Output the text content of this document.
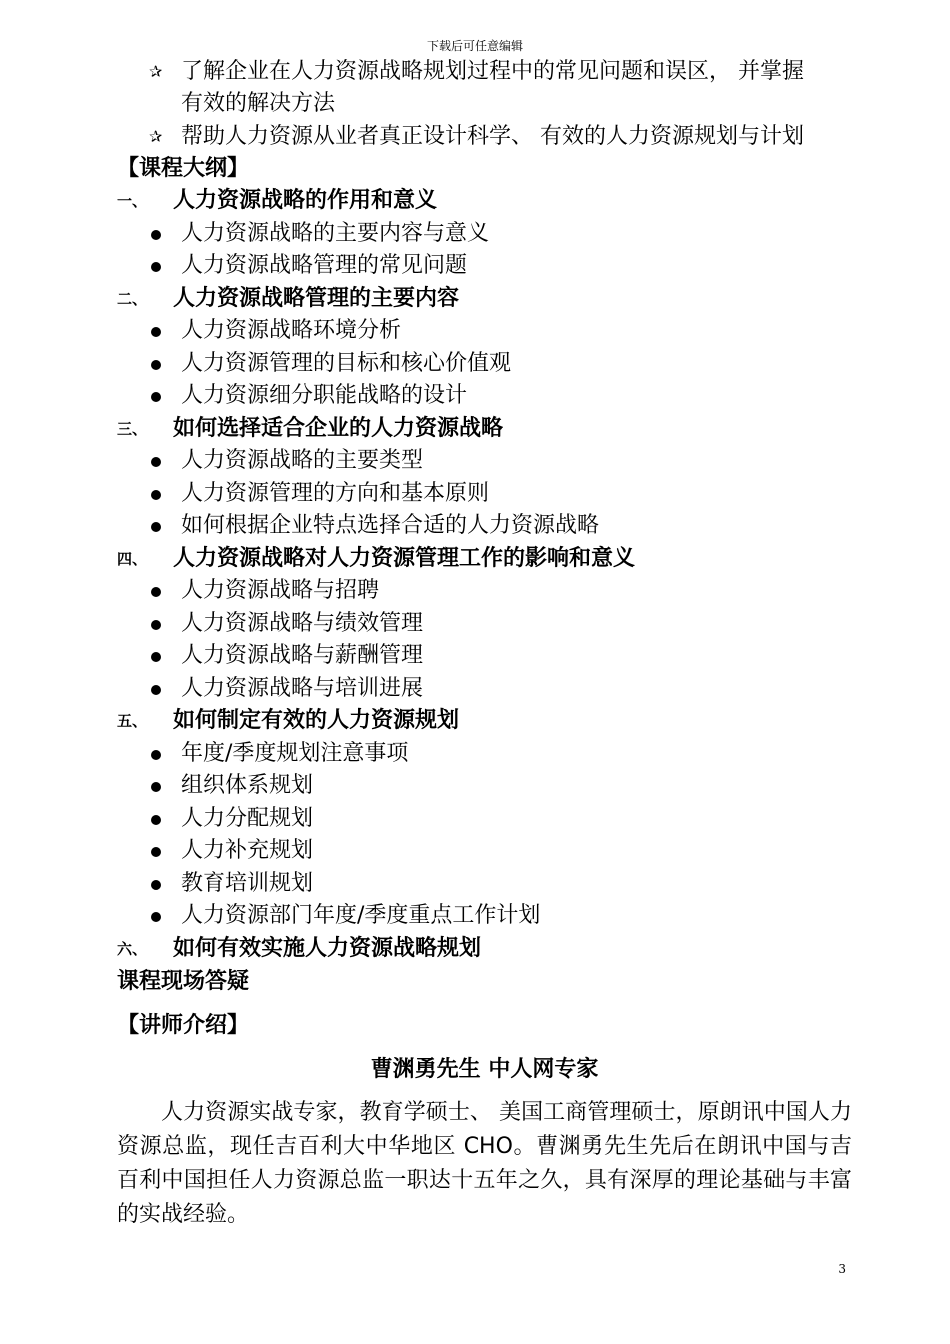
下载后可任意编辑
✰ 了解企业在人力资源战略规划过程中的常见问题和误区， 并掌握
有效的解决方法
✰ 帮助人力资源从业者真正设计科学、 有效的人力资源规划与计划
【课程大纲】
一、 人力资源战略的作用和意义
人力资源战略的主要内容与意义
人力资源战略管理的常见问题
二、 人力资源战略管理的主要内容
人力资源战略环境分析
人力资源管理的目标和核心价值观
人力资源细分职能战略的设计
三、 如何选择适合企业的人力资源战略
人力资源战略的主要类型
人力资源管理的方向和基本原则
如何根据企业特点选择合适的人力资源战略
四、 人力资源战略对人力资源管理工作的影响和意义
人力资源战略与招聘
人力资源战略与绩效管理
人力资源战略与薪酬管理
人力资源战略与培训进展
五、 如何制定有效的人力资源规划
年度/季度规划注意事项
组织体系规划
人力分配规划
人力补充规划
教育培训规划
人力资源部门年度/季度重点工作计划
六、 如何有效实施人力资源战略规划
课程现场答疑
【讲师介绍】
曹渊勇先生 中人网专家

人力资源实战专家，教育学硕士、 美国工商管理硕士，原朗讯中国人力资源总监，现任吉百利大中华地区 CHO。曹渊勇先生先后在朗讯中国与吉百利中国担任人力资源总监一职达十五年之久，具有深厚的理论基础与丰富的实战经验。

3
